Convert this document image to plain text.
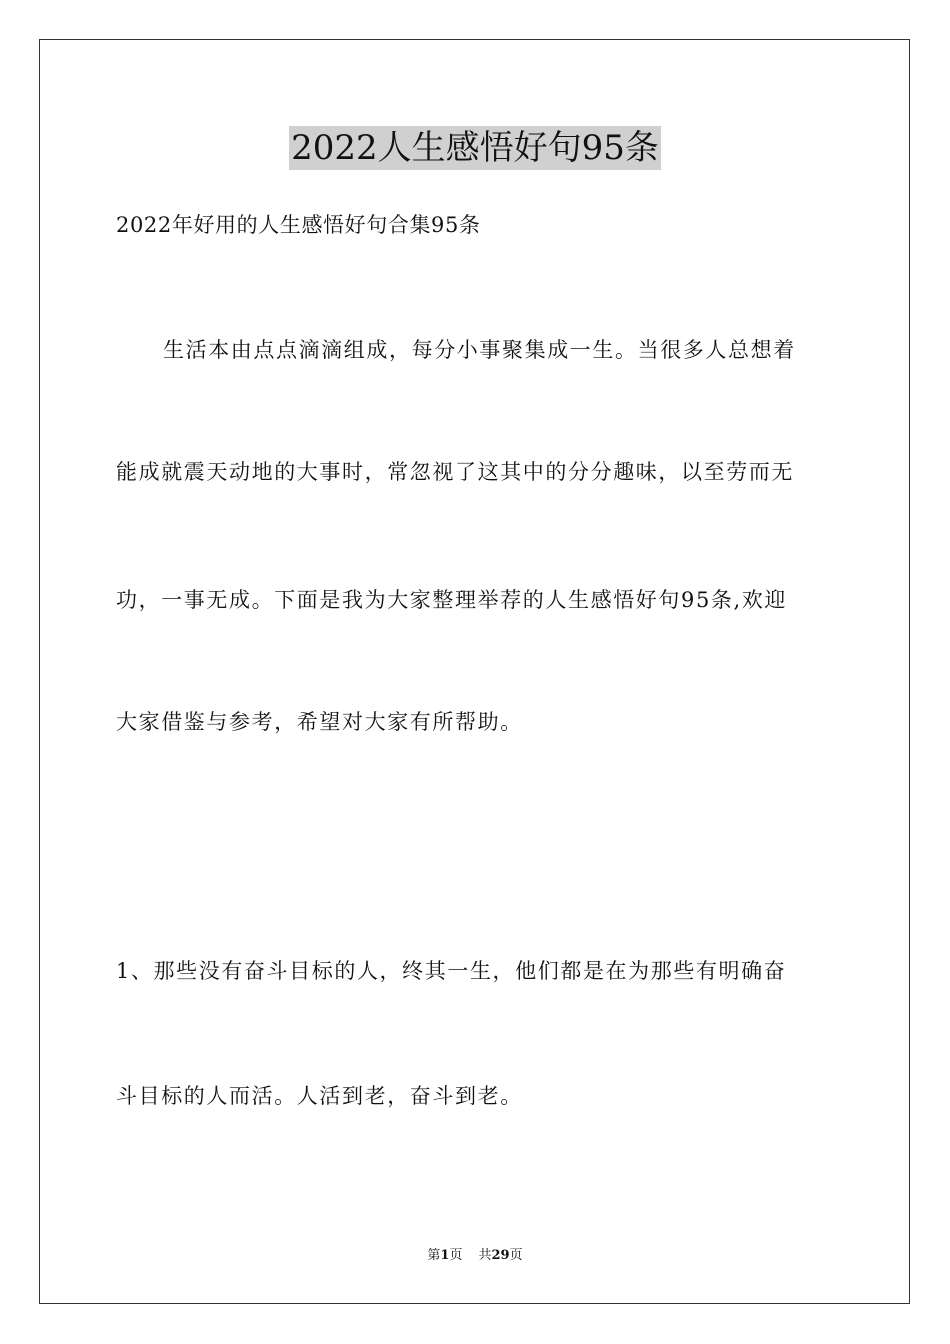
2022人生感悟好句95条
2022年好用的人生感悟好句合集95条
生活本由点点滴滴组成，每分小事聚集成一生。当很多人总想着
能成就震天动地的大事时，常忽视了这其中的分分趣味，以至劳而无
功，一事无成。下面是我为大家整理举荐的人生感悟好句95条,欢迎
大家借鉴与参考，希望对大家有所帮助。
1、那些没有奋斗目标的人，终其一生，他们都是在为那些有明确奋
斗目标的人而活。人活到老，奋斗到老。
第1页 共29页
